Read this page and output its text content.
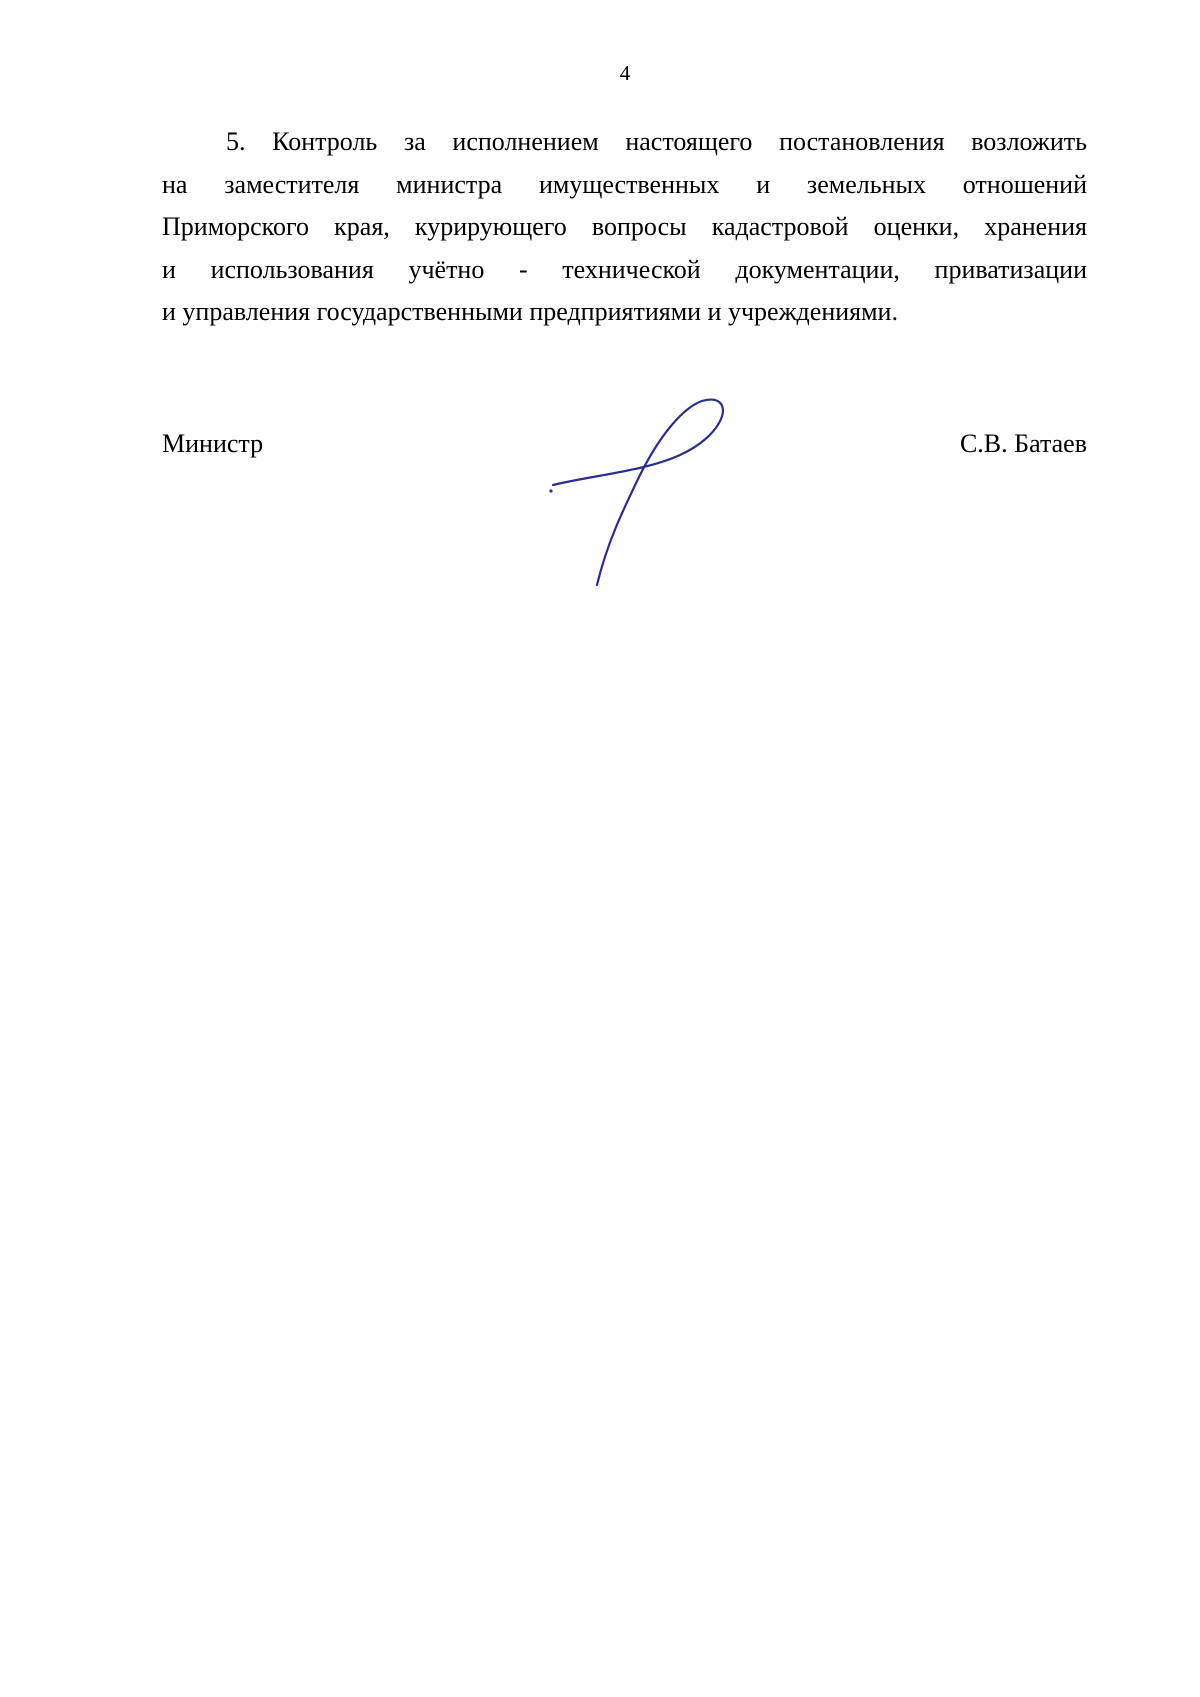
4
5. Контроль за исполнением настоящего постановления возложить
на заместителя министра имущественных и земельных отношений
Приморского края, курирующего вопросы кадастровой оценки, хранения
и использования учётно - технической документации, приватизации
и управления государственными предприятиями и учреждениями.
Министр	С.В. Батаев
